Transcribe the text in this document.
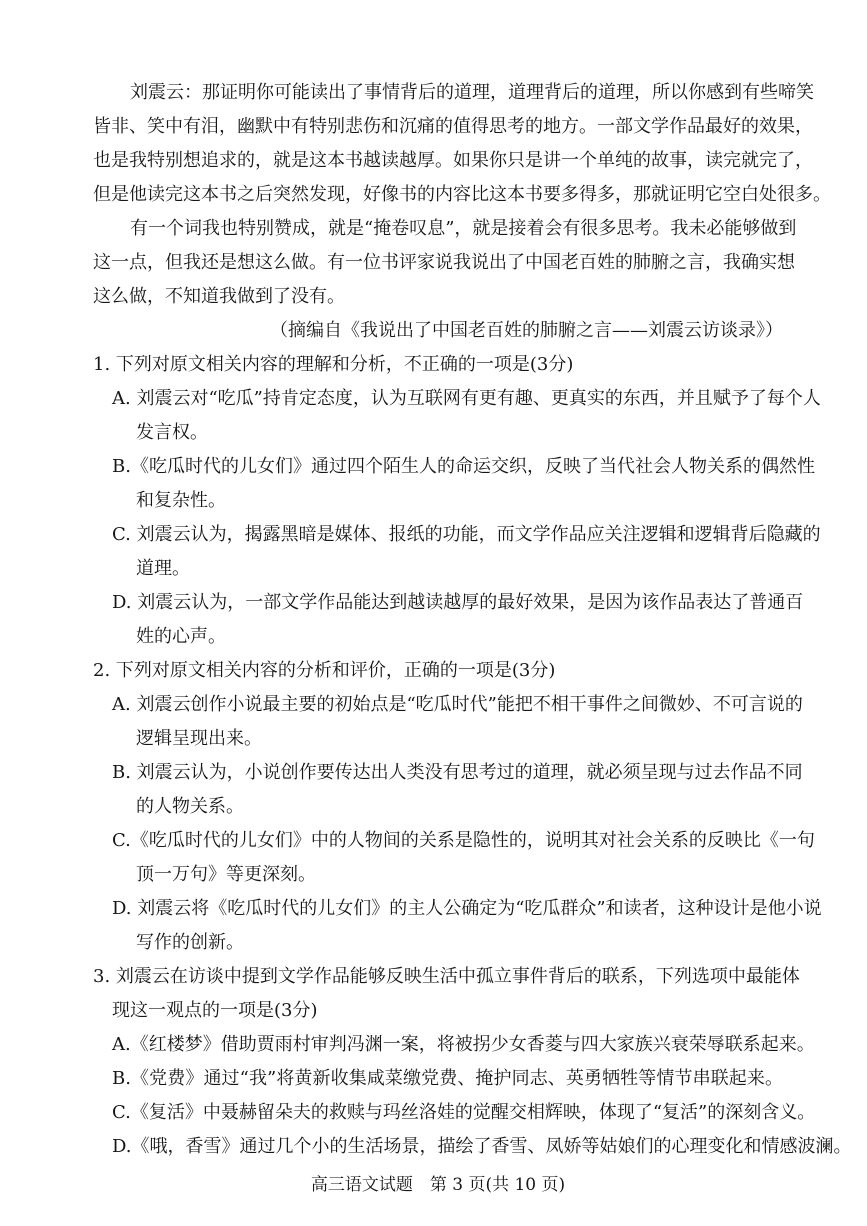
刘震云：那证明你可能读出了事情背后的道理，道理背后的道理，所以你感到有些啼笑
皆非、笑中有泪，幽默中有特别悲伤和沉痛的值得思考的地方。一部文学作品最好的效果，
也是我特别想追求的，就是这本书越读越厚。如果你只是讲一个单纯的故事，读完就完了，
但是他读完这本书之后突然发现，好像书的内容比这本书要多得多，那就证明它空白处很多。
有一个词我也特别赞成，就是“掩卷叹息”，就是接着会有很多思考。我未必能够做到
这一点，但我还是想这么做。有一位书评家说我说出了中国老百姓的肺腑之言，我确实想
这么做，不知道我做到了没有。
（摘编自《我说出了中国老百姓的肺腑之言——刘震云访谈录》）
1. 下列对原文相关内容的理解和分析，不正确的一项是(3分)
A. 刘震云对“吃瓜”持肯定态度，认为互联网有更有趣、更真实的东西，并且赋予了每个人
发言权。
B.《吃瓜时代的儿女们》通过四个陌生人的命运交织，反映了当代社会人物关系的偶然性
和复杂性。
C. 刘震云认为，揭露黑暗是媒体、报纸的功能，而文学作品应关注逻辑和逻辑背后隐藏的
道理。
D. 刘震云认为，一部文学作品能达到越读越厚的最好效果，是因为该作品表达了普通百
姓的心声。
2. 下列对原文相关内容的分析和评价，正确的一项是(3分)
A. 刘震云创作小说最主要的初始点是“吃瓜时代”能把不相干事件之间微妙、不可言说的
逻辑呈现出来。
B. 刘震云认为，小说创作要传达出人类没有思考过的道理，就必须呈现与过去作品不同
的人物关系。
C.《吃瓜时代的儿女们》中的人物间的关系是隐性的，说明其对社会关系的反映比《一句
顶一万句》等更深刻。
D. 刘震云将《吃瓜时代的儿女们》的主人公确定为“吃瓜群众”和读者，这种设计是他小说
写作的创新。
3. 刘震云在访谈中提到文学作品能够反映生活中孤立事件背后的联系，下列选项中最能体
现这一观点的一项是(3分)
A.《红楼梦》借助贾雨村审判冯渊一案，将被拐少女香菱与四大家族兴衰荣辱联系起来。
B.《党费》通过“我”将黄新收集咸菜缴党费、掩护同志、英勇牺牲等情节串联起来。
C.《复活》中聂赫留朵夫的救赎与玛丝洛娃的觉醒交相辉映，体现了“复活”的深刻含义。
D.《哦，香雪》通过几个小的生活场景，描绘了香雪、凤娇等姑娘们的心理变化和情感波澜。
高三语文试题　第 3 页(共 10 页)
